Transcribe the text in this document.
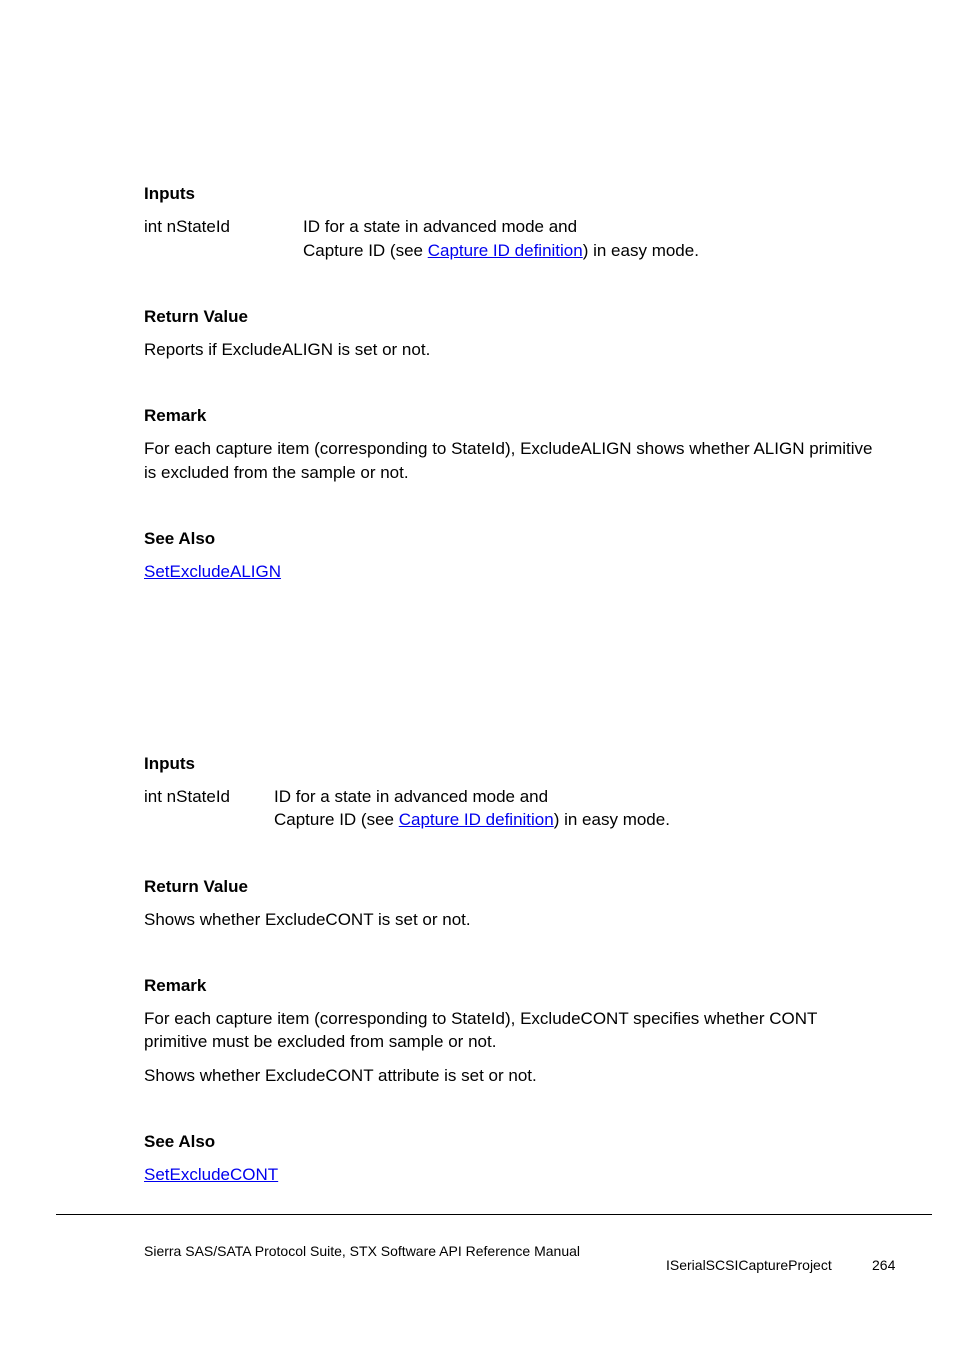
Inputs
int nStateId	ID for a state in advanced mode and
Capture ID (see Capture ID definition) in easy mode.
Return Value
Reports if ExcludeALIGN is set or not.
Remark
For each capture item (corresponding to StateId), ExcludeALIGN shows whether ALIGN primitive
is excluded from the sample or not.
See Also
SetExcludeALIGN
Inputs
int nStateId	ID for a state in advanced mode and
Capture ID (see Capture ID definition) in easy mode.
Return Value
Shows whether ExcludeCONT is set or not.
Remark
For each capture item (corresponding to StateId), ExcludeCONT specifies whether CONT
primitive must be excluded from sample or not.
Shows whether ExcludeCONT attribute is set or not.
See Also
SetExcludeCONT
Sierra SAS/SATA Protocol Suite, STX Software API Reference Manual
ISerialSCSICaptureProject	264
